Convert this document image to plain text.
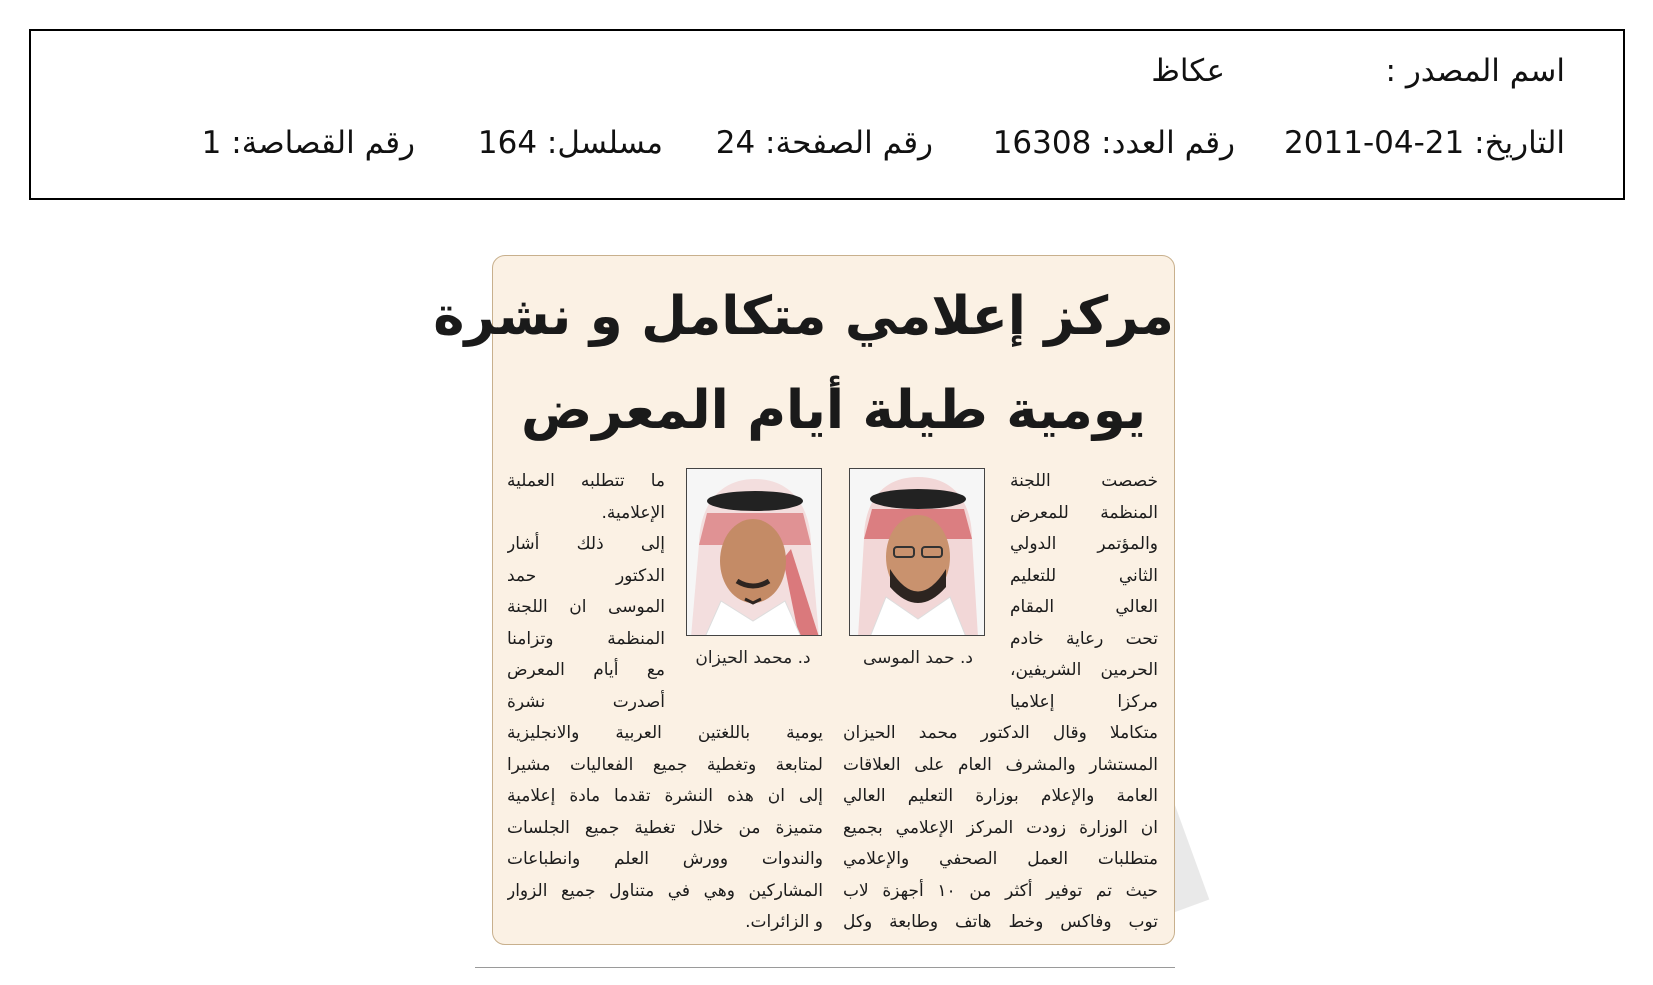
اسم المصدر :
عكاظ
التاريخ: 21-04-2011
رقم العدد: 16308
رقم الصفحة: 24
مسلسل: 164
رقم القصاصة: 1
مركز إعلامي متكامل و نشرة
يومية طيلة أيام المعرض

خصصت اللجنة

المنظمة للمعرض

والمؤتمر الدولي

الثاني للتعليم

العالي المقام

تحت رعاية خادم

الحرمين الشريفين،

مركزا إعلاميا

د. حمد الموسى
د. محمد الحيزان

ما تتطلبه العملية

الإعلامية.

إلى ذلك أشار

الدكتور حمد

الموسى ان اللجنة

المنظمة وتزامنا

مع أيام المعرض

أصدرت نشرة

متكاملا وقال الدكتور محمد الحيزان

المستشار والمشرف العام على العلاقات

العامة والإعلام بوزارة التعليم العالي

ان الوزارة زودت المركز الإعلامي بجميع

متطلبات العمل الصحفي والإعلامي

حيث تم توفير أكثر من ١٠ أجهزة لاب

توب وفاكس وخط هاتف وطابعة وكل

يومية باللغتين العربية والانجليزية

لمتابعة وتغطية جميع الفعاليات مشيرا

إلى ان هذه النشرة تقدما مادة إعلامية

متميزة من خلال تغطية جميع الجلسات

والندوات وورش العلم وانطباعات

المشاركين وهي في متناول جميع الزوار

و الزائرات.
